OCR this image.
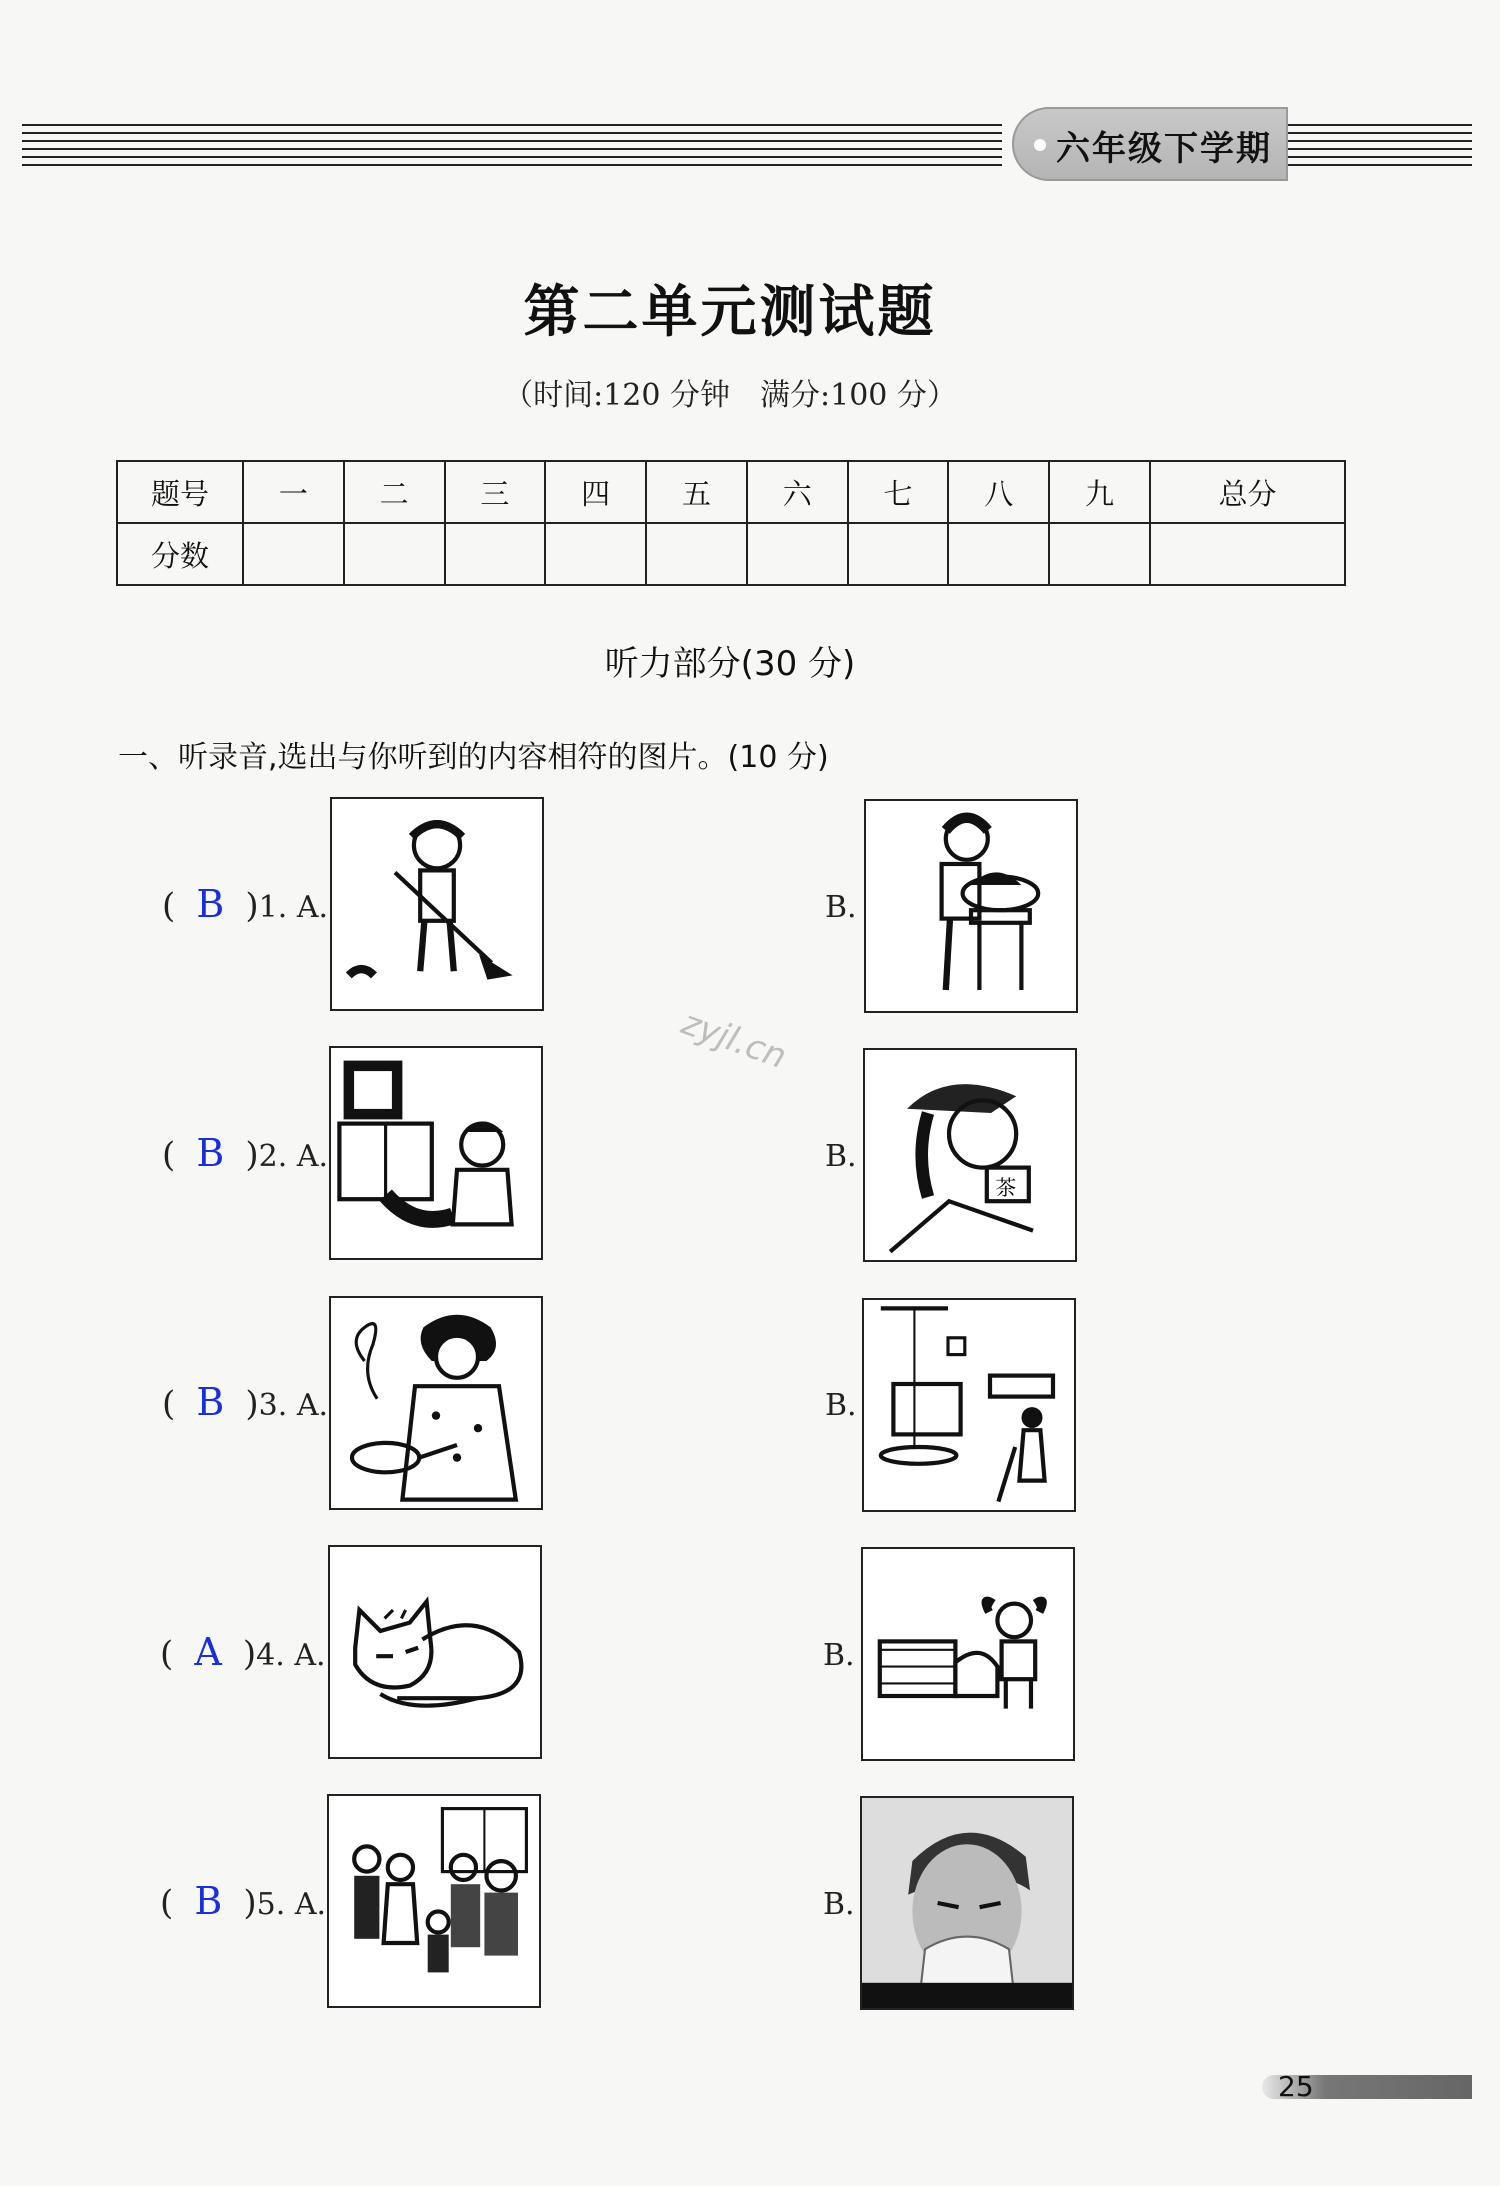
六年级下学期
第二单元测试题
（时间:120 分钟　满分:100 分）
题号	一	二	三	四	五	六	七	八	九	总分
分数										
听力部分(30 分)
一、听录音,选出与你听到的内容相符的图片。(10 分)
( B )1. A.	B.
( B )2. A.	B.
茶
( B )3. A.	B.
( A )4. A.	B.
( B )5. A.	B.
zyjl.cn
25
